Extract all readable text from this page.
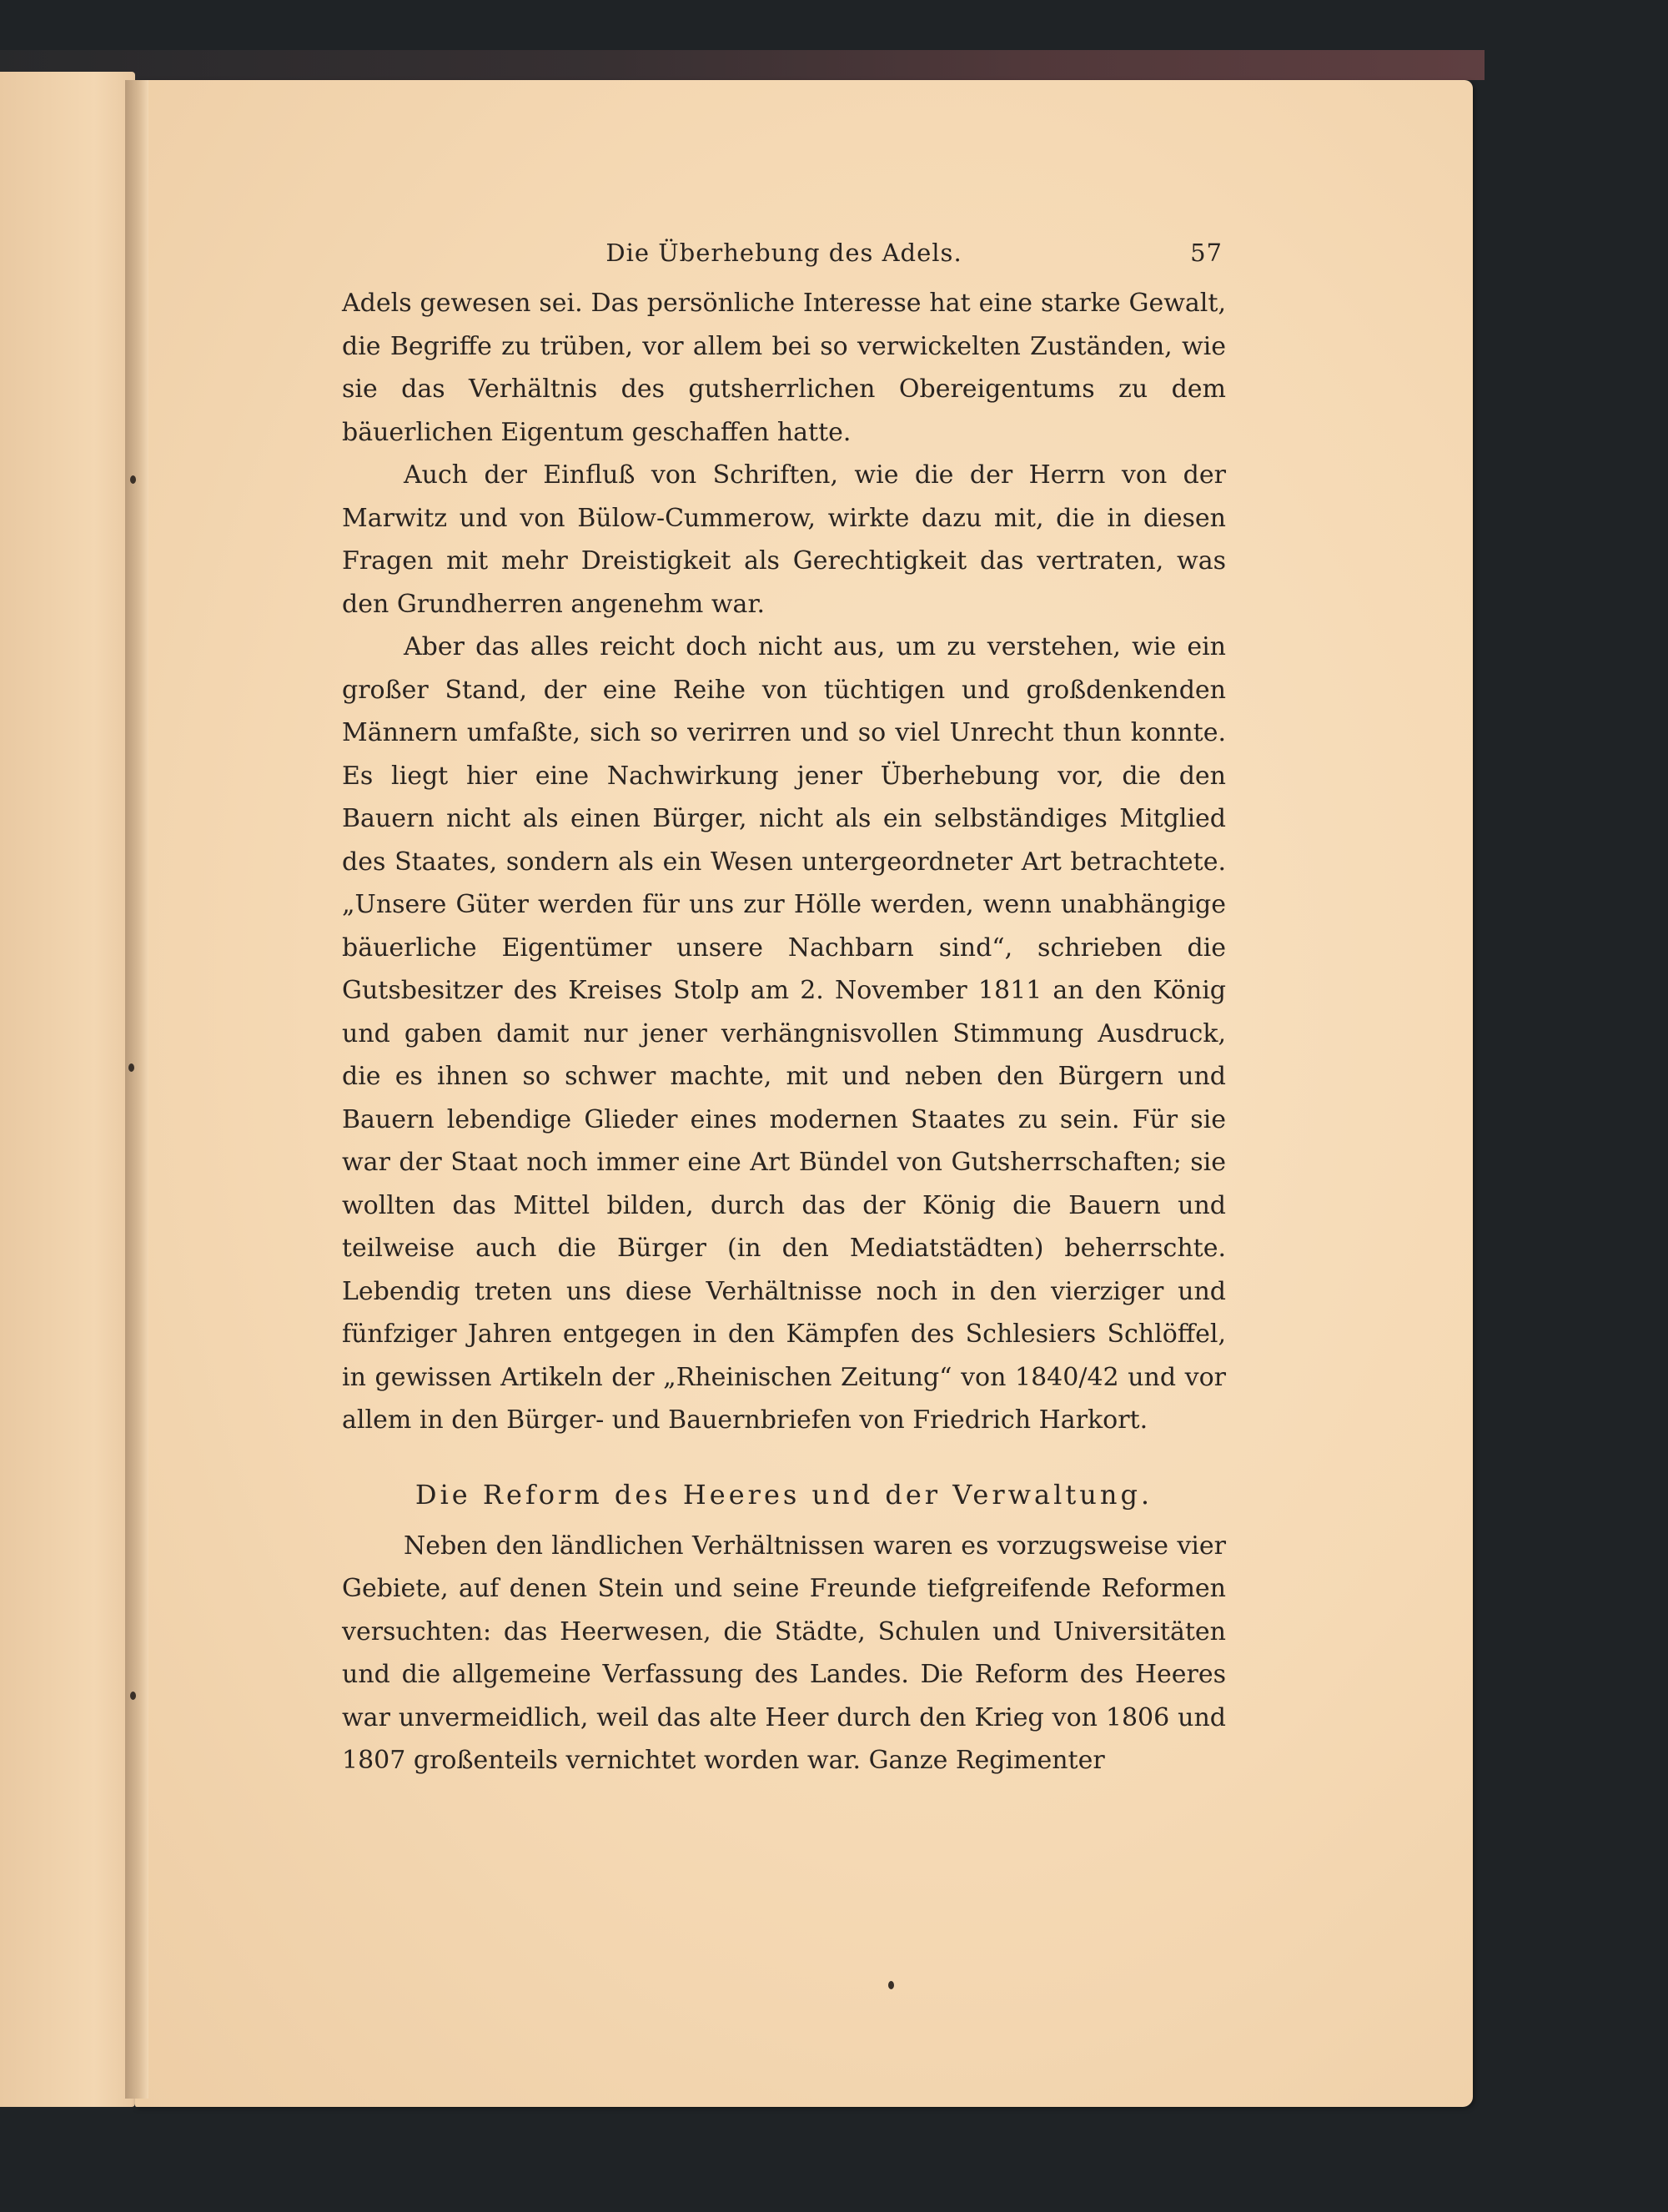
Die Überhebung des Adels.	57

Adels gewesen sei. Das persönliche Interesse hat eine starke Gewalt, die Begriffe zu trüben, vor allem bei so verwickelten Zuständen, wie sie das Verhältnis des gutsherrlichen Obereigentums zu dem bäuerlichen Eigentum geschaffen hatte.

Auch der Einfluß von Schriften, wie die der Herrn von der Marwitz und von Bülow-Cummerow, wirkte dazu mit, die in diesen Fragen mit mehr Dreistigkeit als Gerechtigkeit das vertraten, was den Grundherren angenehm war.

Aber das alles reicht doch nicht aus, um zu verstehen, wie ein großer Stand, der eine Reihe von tüchtigen und großdenkenden Männern umfaßte, sich so verirren und so viel Unrecht thun konnte. Es liegt hier eine Nachwirkung jener Überhebung vor, die den Bauern nicht als einen Bürger, nicht als ein selbständiges Mitglied des Staates, sondern als ein Wesen untergeordneter Art betrachtete. „Unsere Güter werden für uns zur Hölle werden, wenn unabhängige bäuerliche Eigentümer unsere Nachbarn sind“, schrieben die Gutsbesitzer des Kreises Stolp am 2. November 1811 an den König und gaben damit nur jener verhängnisvollen Stimmung Ausdruck, die es ihnen so schwer machte, mit und neben den Bürgern und Bauern lebendige Glieder eines modernen Staates zu sein. Für sie war der Staat noch immer eine Art Bündel von Gutsherrschaften; sie wollten das Mittel bilden, durch das der König die Bauern und teilweise auch die Bürger (in den Mediatstädten) beherrschte. Lebendig treten uns diese Verhältnisse noch in den vierziger und fünfziger Jahren entgegen in den Kämpfen des Schlesiers Schlöffel, in gewissen Artikeln der „Rheinischen Zeitung“ von 1840/42 und vor allem in den Bürger- und Bauernbriefen von Friedrich Harkort.

Die Reform des Heeres und der Verwaltung.

Neben den ländlichen Verhältnissen waren es vorzugsweise vier Gebiete, auf denen Stein und seine Freunde tiefgreifende Reformen versuchten: das Heerwesen, die Städte, Schulen und Universitäten und die allgemeine Verfassung des Landes. Die Reform des Heeres war unvermeidlich, weil das alte Heer durch den Krieg von 1806 und 1807 großenteils vernichtet worden war. Ganze Regimenter
